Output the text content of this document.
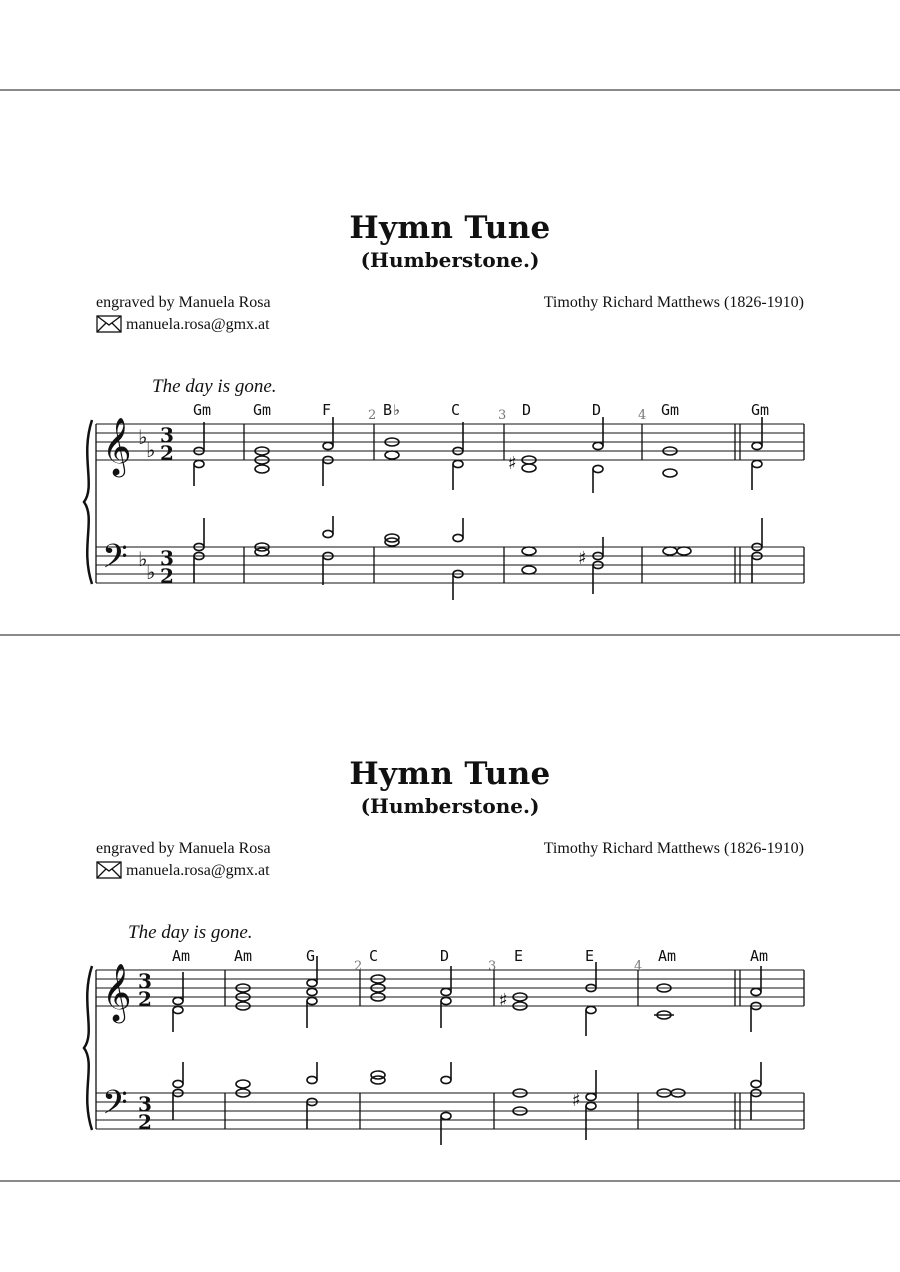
Hymn Tune
(Humberstone.)
engraved by Manuela Rosa
manuela.rosa@gmx.at
Timothy Richard Matthews (1826-1910)
The day is gone.
𝄞
𝄢
♭
♭
♭
♭
3
2
3
2
Gm	Gm	F	B♭	C	D	D	Gm	Gm
2	3	4
♯
♯
Hymn Tune
(Humberstone.)
engraved by Manuela Rosa
manuela.rosa@gmx.at
Timothy Richard Matthews (1826-1910)
The day is gone.
𝄞
𝄢
3
2
3
2
Am	Am	G	C	D	E	E	Am	Am
2	3	4
♯
♯
